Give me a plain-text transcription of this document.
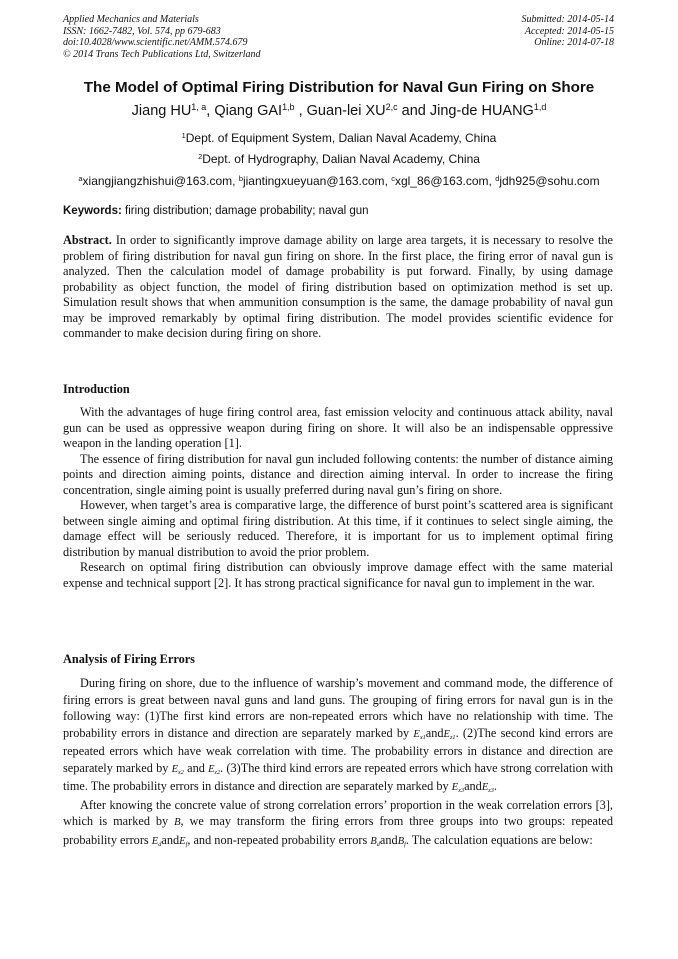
Applied Mechanics and Materials
ISSN: 1662-7482, Vol. 574, pp 679-683
doi:10.4028/www.scientific.net/AMM.574.679
© 2014 Trans Tech Publications Ltd, Switzerland
Submitted: 2014-05-14
Accepted: 2014-05-15
Online: 2014-07-18
The Model of Optimal Firing Distribution for Naval Gun Firing on Shore
Jiang HU$^{1, a}$, Qiang GAI$^{1,b}$ , Guan-lei XU$^{2,c}$ and Jing-de HUANG$^{1,d}$
$^1$Dept. of Equipment System, Dalian Naval Academy, China
$^2$Dept. of Hydrography, Dalian Naval Academy, China
$^a$xiangjiangzhishui@163.com, $^b$jiantingxueyuan@163.com, $^c$xgl_86@163.com, $^d$jdh925@sohu.com
Keywords: firing distribution; damage probability; naval gun

Abstract. In order to significantly improve damage ability on large area targets, it is necessary to resolve the problem of firing distribution for naval gun firing on shore. In the first place, the firing error of naval gun is analyzed. Then the calculation model of damage probability is put forward. Finally, by using damage probability as object function, the model of firing distribution based on optimization method is set up. Simulation result shows that when ammunition consumption is the same, the damage probability of naval gun may be improved remarkably by optimal firing distribution. The model provides scientific evidence for commander to make decision during firing on shore.

Introduction

With the advantages of huge firing control area, fast emission velocity and continuous attack ability, naval gun can be used as oppressive weapon during firing on shore. It will also be an indispensable oppressive weapon in the landing operation [1].

The essence of firing distribution for naval gun included following contents: the number of distance aiming points and direction aiming points, distance and direction aiming interval. In order to increase the firing concentration, single aiming point is usually preferred during naval gun’s firing on shore.

However, when target’s area is comparative large, the difference of burst point’s scattered area is significant between single aiming and optimal firing distribution. At this time, if it continues to select single aiming, the damage effect will be seriously reduced. Therefore, it is important for us to implement optimal firing distribution by manual distribution to avoid the prior problem.

Research on optimal firing distribution can obviously improve damage effect with the same material expense and technical support [2]. It has strong practical significance for naval gun to implement in the war.

Analysis of Firing Errors

During firing on shore, due to the influence of warship’s movement and command mode, the difference of firing errors is great between naval guns and land guns. The grouping of firing errors for naval gun is in the following way: (1)The first kind errors are non-repeated errors which have no relationship with time. The probability errors in distance and direction are separately marked by $E_{x1}andE_{z1}$. (2)The second kind errors are repeated errors which have weak correlation with time. The probability errors in distance and direction are separately marked by $E_{x2}$ and $E_{z2}$. (3)The third kind errors are repeated errors which have strong correlation with time. The probability errors in distance and direction are separately marked by $E_{x3}andE_{z3}$.

After knowing the concrete value of strong correlation errors’ proportion in the weak correlation errors [3], which is marked by B, we may transform the firing errors from three groups into two groups: repeated probability errors $E_dandE_f$, and non-repeated probability errors $B_dandB_f$. The calculation equations are below:
